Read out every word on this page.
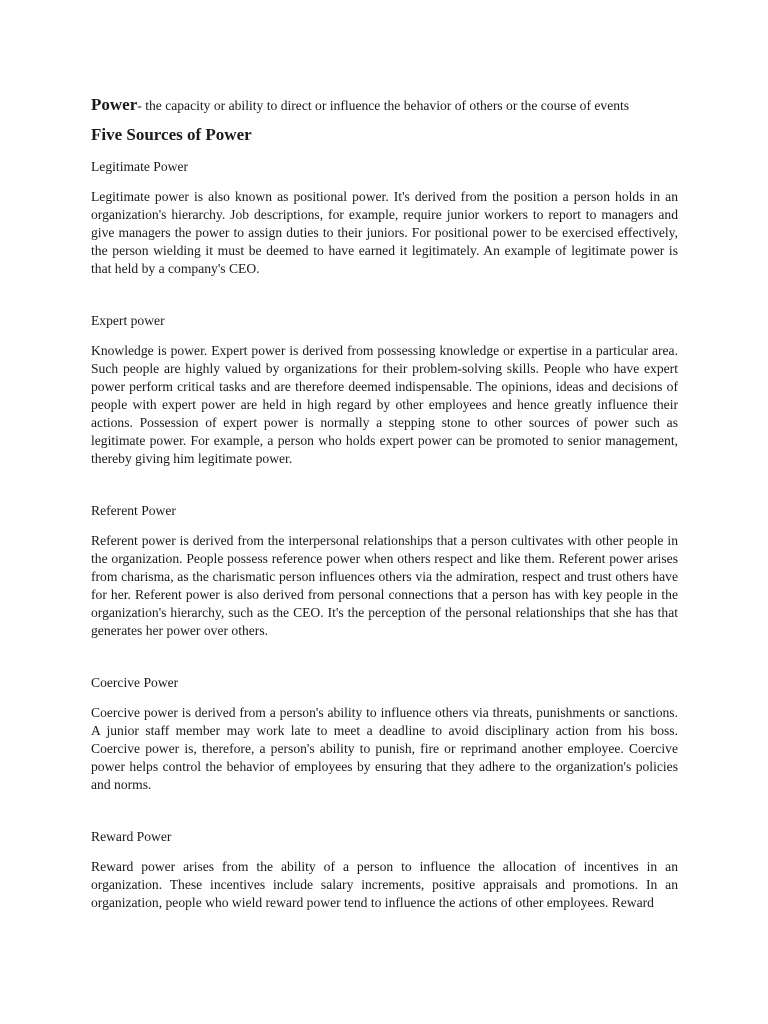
Power- the capacity or ability to direct or influence the behavior of others or the course of events

Five Sources of Power
Legitimate Power

Legitimate power is also known as positional power. It's derived from the position a person holds in an organization's hierarchy. Job descriptions, for example, require junior workers to report to managers and give managers the power to assign duties to their juniors. For positional power to be exercised effectively, the person wielding it must be deemed to have earned it legitimately. An example of legitimate power is that held by a company's CEO.

Expert power

Knowledge is power. Expert power is derived from possessing knowledge or expertise in a particular area. Such people are highly valued by organizations for their problem-solving skills. People who have expert power perform critical tasks and are therefore deemed indispensable. The opinions, ideas and decisions of people with expert power are held in high regard by other employees and hence greatly influence their actions. Possession of expert power is normally a stepping stone to other sources of power such as legitimate power. For example, a person who holds expert power can be promoted to senior management, thereby giving him legitimate power.

Referent Power

Referent power is derived from the interpersonal relationships that a person cultivates with other people in the organization. People possess reference power when others respect and like them. Referent power arises from charisma, as the charismatic person influences others via the admiration, respect and trust others have for her. Referent power is also derived from personal connections that a person has with key people in the organization's hierarchy, such as the CEO. It's the perception of the personal relationships that she has that generates her power over others.

Coercive Power

Coercive power is derived from a person's ability to influence others via threats, punishments or sanctions. A junior staff member may work late to meet a deadline to avoid disciplinary action from his boss. Coercive power is, therefore, a person's ability to punish, fire or reprimand another employee. Coercive power helps control the behavior of employees by ensuring that they adhere to the organization's policies and norms.

Reward Power

Reward power arises from the ability of a person to influence the allocation of incentives in an organization. These incentives include salary increments, positive appraisals and promotions. In an organization, people who wield reward power tend to influence the actions of other employees. Reward
